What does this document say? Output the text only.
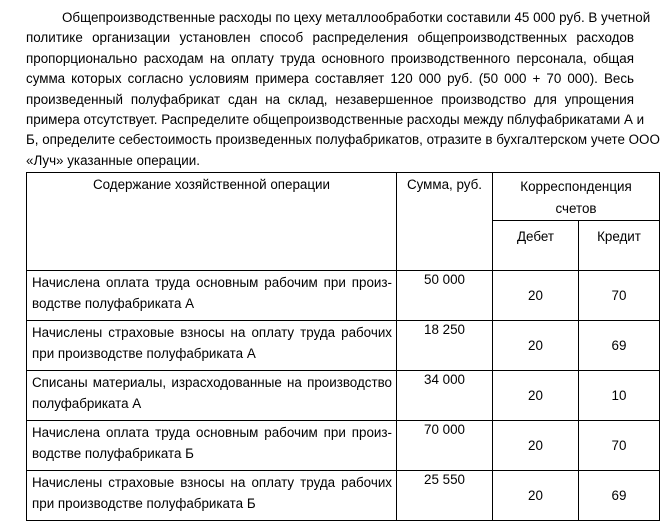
Общепроизводственные расходы по цеху металлообработки составили 45 000 руб. В учетной
политике организации установлен способ распределения общепроизводственных расходов
пропорционально расходам на оплату труда основного производственного персонала, общая
сумма которых согласно условиям примера составляет 120 000 руб. (50 000 + 70 000). Весь
произведенный полуфабрикат сдан на склад, незавершенное производство для упрощения
примера отсутствует. Распределите общепроизводственные расходы между пблуфабрикатами А и
Б, определите себестоимость произведенных полуфабрикатов, отразите в бухгалтерском учете ООО
«Луч» указанные операции.
Содержание хозяйственной операции	Сумма, руб.	Корреспонденция
счетов	
		Дебет	Кредит

Начислена оплата труда основным рабочим при произ-
водстве полуфабриката А	50 000	20	70

Начислены страховые взносы на оплату труда рабочих
при производстве полуфабриката А	18 250	20	69

Списаны материалы, израсходованные на производство
полуфабриката А	34 000	20	10

Начислена оплата труда основным рабочим при произ-
водстве полуфабриката Б	70 000	20	70

Начислены страховые взносы на оплату труда рабочих
при производстве полуфабриката Б	25 550	20	69
